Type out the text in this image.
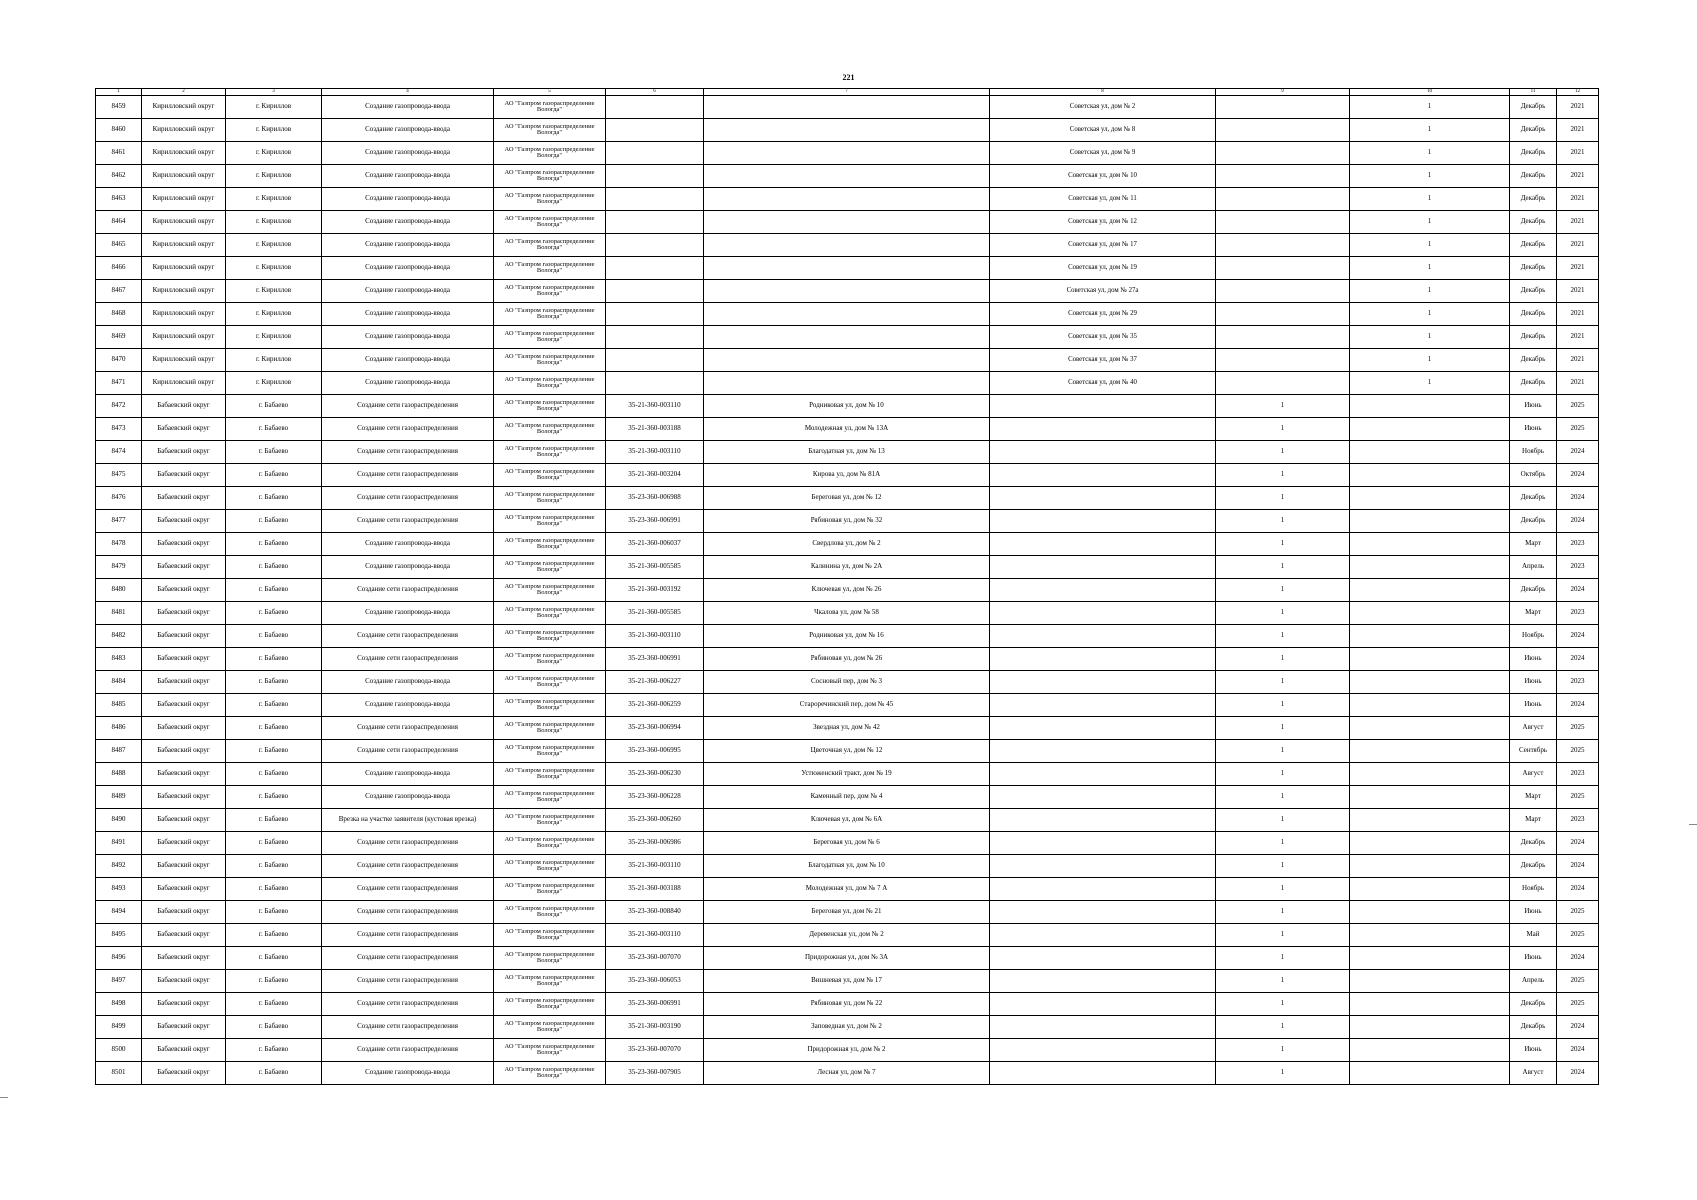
221
1	2	3	4	5	6	7	8	9	10	11	12
8459	Кирилловский округ	г. Кириллов	Создание газопровода-ввода	АО "Газпром газораспределение Вологда"			Советская ул, дом № 2		1	Декабрь	2021
8460	Кирилловский округ	г. Кириллов	Создание газопровода-ввода	АО "Газпром газораспределение Вологда"			Советская ул, дом № 8		1	Декабрь	2021
8461	Кирилловский округ	г. Кириллов	Создание газопровода-ввода	АО "Газпром газораспределение Вологда"			Советская ул, дом № 9		1	Декабрь	2021
8462	Кирилловский округ	г. Кириллов	Создание газопровода-ввода	АО "Газпром газораспределение Вологда"			Советская ул, дом № 10		1	Декабрь	2021
8463	Кирилловский округ	г. Кириллов	Создание газопровода-ввода	АО "Газпром газораспределение Вологда"			Советская ул, дом № 11		1	Декабрь	2021
8464	Кирилловский округ	г. Кириллов	Создание газопровода-ввода	АО "Газпром газораспределение Вологда"			Советская ул, дом № 12		1	Декабрь	2021
8465	Кирилловский округ	г. Кириллов	Создание газопровода-ввода	АО "Газпром газораспределение Вологда"			Советская ул, дом № 17		1	Декабрь	2021
8466	Кирилловский округ	г. Кириллов	Создание газопровода-ввода	АО "Газпром газораспределение Вологда"			Советская ул, дом № 19		1	Декабрь	2021
8467	Кирилловский округ	г. Кириллов	Создание газопровода-ввода	АО "Газпром газораспределение Вологда"			Советская ул, дом № 27а		1	Декабрь	2021
8468	Кирилловский округ	г. Кириллов	Создание газопровода-ввода	АО "Газпром газораспределение Вологда"			Советская ул, дом № 29		1	Декабрь	2021
8469	Кирилловский округ	г. Кириллов	Создание газопровода-ввода	АО "Газпром газораспределение Вологда"			Советская ул, дом № 35		1	Декабрь	2021
8470	Кирилловский округ	г. Кириллов	Создание газопровода-ввода	АО "Газпром газораспределение Вологда"			Советская ул, дом № 37		1	Декабрь	2021
8471	Кирилловский округ	г. Кириллов	Создание газопровода-ввода	АО "Газпром газораспределение Вологда"			Советская ул, дом № 40		1	Декабрь	2021
8472	Бабаевский округ	г. Бабаево	Создание сети газораспределения	АО "Газпром газораспределение Вологда"	35-21-360-003110	Родниковая ул, дом № 10		1		Июнь	2025
8473	Бабаевский округ	г. Бабаево	Создание сети газораспределения	АО "Газпром газораспределение Вологда"	35-21-360-003188	Молодежная ул, дом № 13А		1		Июнь	2025
8474	Бабаевский округ	г. Бабаево	Создание сети газораспределения	АО "Газпром газораспределение Вологда"	35-21-360-003110	Благодатная ул, дом № 13		1		Ноябрь	2024
8475	Бабаевский округ	г. Бабаево	Создание сети газораспределения	АО "Газпром газораспределение Вологда"	35-21-360-003204	Кирова ул, дом № 81А		1		Октябрь	2024
8476	Бабаевский округ	г. Бабаево	Создание сети газораспределения	АО "Газпром газораспределение Вологда"	35-23-360-006988	Береговая ул, дом № 12		1		Декабрь	2024
8477	Бабаевский округ	г. Бабаево	Создание сети газораспределения	АО "Газпром газораспределение Вологда"	35-23-360-006991	Рябиновая ул, дом № 32		1		Декабрь	2024
8478	Бабаевский округ	г. Бабаево	Создание газопровода-ввода	АО "Газпром газораспределение Вологда"	35-21-360-006037	Свердлова ул, дом № 2		1		Март	2023
8479	Бабаевский округ	г. Бабаево	Создание газопровода-ввода	АО "Газпром газораспределение Вологда"	35-21-360-005585	Калинина ул, дом № 2А		1		Апрель	2023
8480	Бабаевский округ	г. Бабаево	Создание сети газораспределения	АО "Газпром газораспределение Вологда"	35-21-360-003192	Ключевая ул, дом № 26		1		Декабрь	2024
8481	Бабаевский округ	г. Бабаево	Создание газопровода-ввода	АО "Газпром газораспределение Вологда"	35-21-360-005585	Чкалова ул, дом № 58		1		Март	2023
8482	Бабаевский округ	г. Бабаево	Создание сети газораспределения	АО "Газпром газораспределение Вологда"	35-21-360-003110	Родниковая ул, дом № 16		1		Ноябрь	2024
8483	Бабаевский округ	г. Бабаево	Создание сети газораспределения	АО "Газпром газораспределение Вологда"	35-23-360-006991	Рябиновая ул, дом № 26		1		Июнь	2024
8484	Бабаевский округ	г. Бабаево	Создание газопровода-ввода	АО "Газпром газораспределение Вологда"	35-21-360-006227	Сосновый пер, дом № 3		1		Июнь	2023
8485	Бабаевский округ	г. Бабаево	Создание газопровода-ввода	АО "Газпром газораспределение Вологда"	35-21-360-006259	Староречинский пер, дом № 45		1		Июнь	2024
8486	Бабаевский округ	г. Бабаево	Создание сети газораспределения	АО "Газпром газораспределение Вологда"	35-23-360-006994	Звездная ул, дом № 42		1		Август	2025
8487	Бабаевский округ	г. Бабаево	Создание сети газораспределения	АО "Газпром газораспределение Вологда"	35-23-360-006995	Цветочная ул, дом № 12		1		Сентябрь	2025
8488	Бабаевский округ	г. Бабаево	Создание газопровода-ввода	АО "Газпром газораспределение Вологда"	35-23-360-006230	Устюженский тракт, дом № 19		1		Август	2023
8489	Бабаевский округ	г. Бабаево	Создание газопровода-ввода	АО "Газпром газораспределение Вологда"	35-23-360-006228	Каменный пер, дом № 4		1		Март	2025
8490	Бабаевский округ	г. Бабаево	Врезка на участке заявителя (кустовая врезка)	АО "Газпром газораспределение Вологда"	35-23-360-006260	Ключевая ул, дом № 6А		1		Март	2023
8491	Бабаевский округ	г. Бабаево	Создание сети газораспределения	АО "Газпром газораспределение Вологда"	35-23-360-006986	Береговая ул, дом № 6		1		Декабрь	2024
8492	Бабаевский округ	г. Бабаево	Создание сети газораспределения	АО "Газпром газораспределение Вологда"	35-21-360-003110	Благодатная ул, дом № 10		1		Декабрь	2024
8493	Бабаевский округ	г. Бабаево	Создание сети газораспределения	АО "Газпром газораспределение Вологда"	35-21-360-003188	Молодежная ул, дом № 7 А		1		Ноябрь	2024
8494	Бабаевский округ	г. Бабаево	Создание сети газораспределения	АО "Газпром газораспределение Вологда"	35-23-360-008840	Береговая ул, дом № 21		1		Июнь	2025
8495	Бабаевский округ	г. Бабаево	Создание сети газораспределения	АО "Газпром газораспределение Вологда"	35-21-360-003110	Деревенская ул, дом № 2		1		Май	2025
8496	Бабаевский округ	г. Бабаево	Создание сети газораспределения	АО "Газпром газораспределение Вологда"	35-23-360-007070	Придорожная ул, дом № 3А		1		Июнь	2024
8497	Бабаевский округ	г. Бабаево	Создание сети газораспределения	АО "Газпром газораспределение Вологда"	35-23-360-006053	Вишневая ул, дом № 17		1		Апрель	2025
8498	Бабаевский округ	г. Бабаево	Создание сети газораспределения	АО "Газпром газораспределение Вологда"	35-23-360-006991	Рябиновая ул, дом № 22		1		Декабрь	2025
8499	Бабаевский округ	г. Бабаево	Создание сети газораспределения	АО "Газпром газораспределение Вологда"	35-21-360-003190	Заповедная ул, дом № 2		1		Декабрь	2024
8500	Бабаевский округ	г. Бабаево	Создание сети газораспределения	АО "Газпром газораспределение Вологда"	35-23-360-007070	Придорожная ул, дом № 2		1		Июнь	2024
8501	Бабаевский округ	г. Бабаево	Создание газопровода-ввода	АО "Газпром газораспределение Вологда"	35-23-360-007905	Лесная ул, дом № 7		1		Август	2024
